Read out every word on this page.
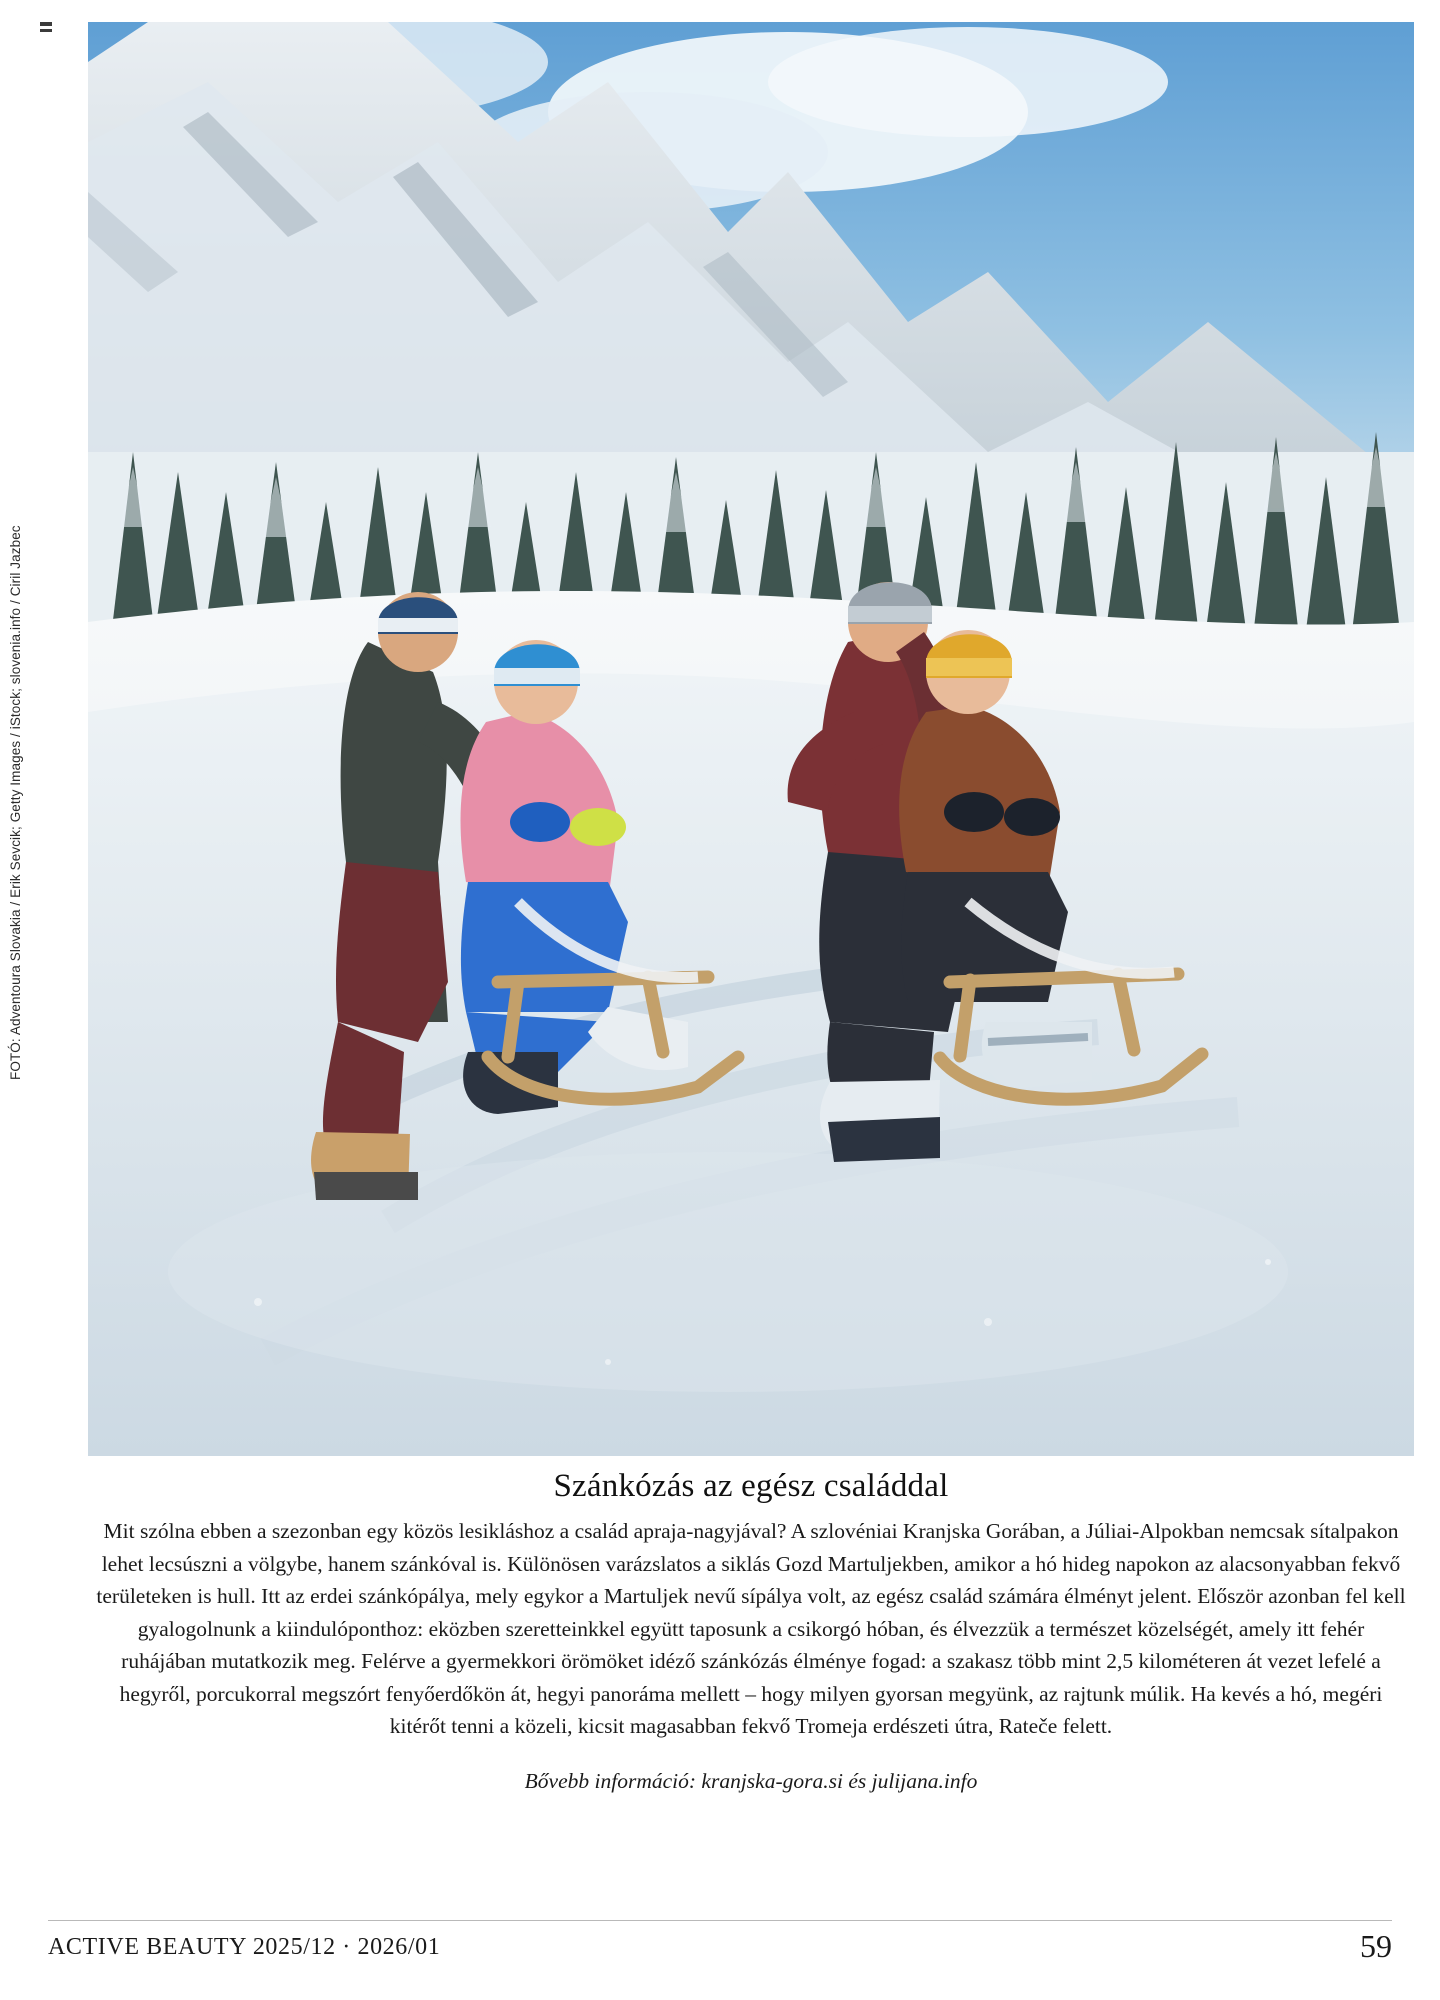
FOTÓ: Adventoura Slovakia / Erik Sevcik; Getty Images / iStock; slovenia.info / Ciril Jazbec
Szánkózás az egész családdal

Mit szólna ebben a szezonban egy közös lesikláshoz a család apraja-nagyjával? A szlovéniai Kranjska Gorában, a Júliai-Alpokban nemcsak sítalpakon lehet lecsúszni a völgybe, hanem szánkóval is. Különösen varázslatos a siklás Gozd Martuljekben, amikor a hó hideg napokon az alacsonyabban fekvő területeken is hull. Itt az erdei szánkópálya, mely egykor a Martuljek nevű sípálya volt, az egész család számára élményt jelent. Először azonban fel kell gyalogolnunk a kiindulóponthoz: eközben szeretteinkkel együtt taposunk a csikorgó hóban, és élvezzük a természet közelségét, amely itt fehér ruhájában mutatkozik meg. Felérve a gyermekkori örömöket idéző szánkózás élménye fogad: a szakasz több mint 2,5 kilométeren át vezet lefelé a hegyről, porcukorral megszórt fenyőerdőkön át, hegyi panoráma mellett – hogy milyen gyorsan megyünk, az rajtunk múlik. Ha kevés a hó, megéri kitérőt tenni a közeli, kicsit magasabban fekvő Tromeja erdészeti útra, Rateče felett.

Bővebb információ: kranjska-gora.si és julijana.info

ACTIVE BEAUTY 2025/12 · 2026/01	59
